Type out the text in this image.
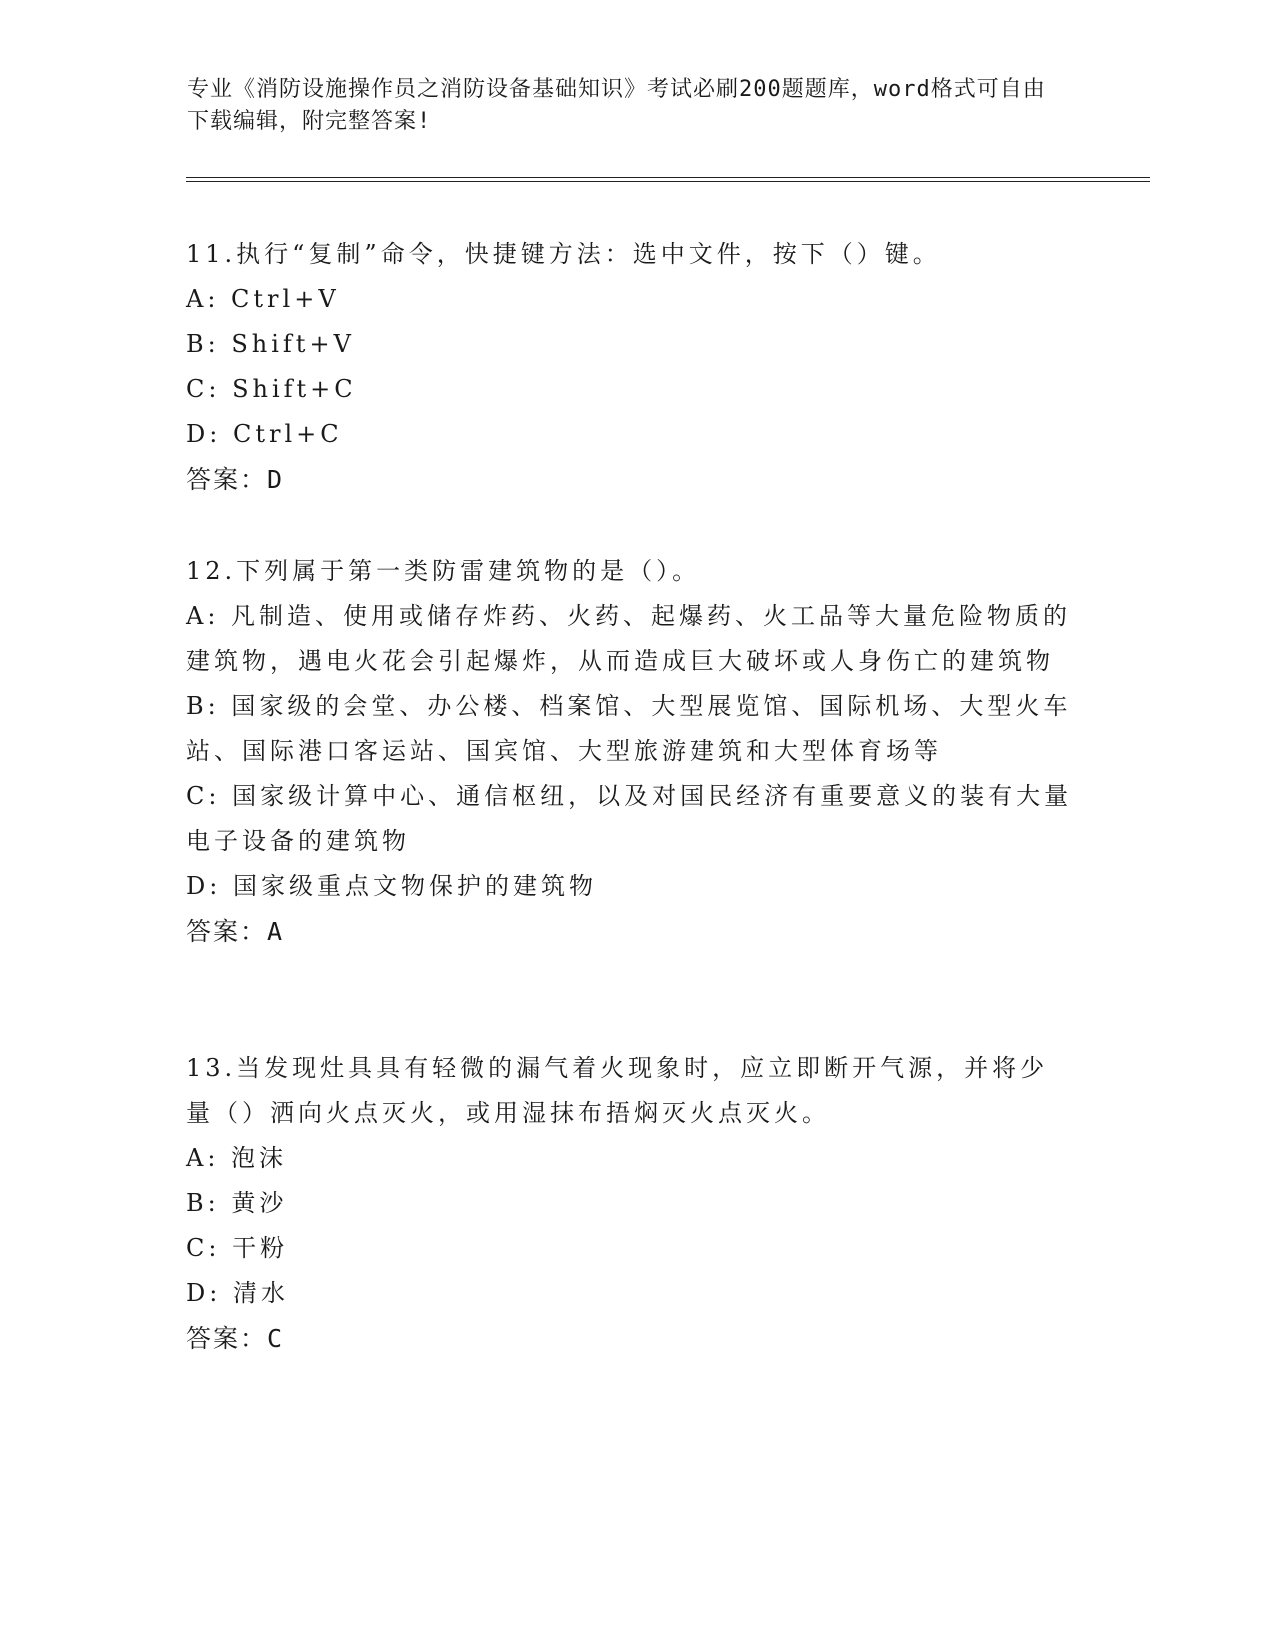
专业《消防设施操作员之消防设备基础知识》考试必刷200题题库，word格式可自由下载编辑，附完整答案!
11.执行“复制”命令，快捷键方法：选中文件，按下（）键。
A: Ctrl+V
B: Shift+V
C: Shift+C
D: Ctrl+C
答案：D
12.下列属于第一类防雷建筑物的是（）。
A: 凡制造、使用或储存炸药、火药、起爆药、火工品等大量危险物质的建筑物，遇电火花会引起爆炸，从而造成巨大破坏或人身伤亡的建筑物
B: 国家级的会堂、办公楼、档案馆、大型展览馆、国际机场、大型火车站、国际港口客运站、国宾馆、大型旅游建筑和大型体育场等
C: 国家级计算中心、通信枢纽，以及对国民经济有重要意义的装有大量电子设备的建筑物
D: 国家级重点文物保护的建筑物
答案：A
13.当发现灶具具有轻微的漏气着火现象时，应立即断开气源，并将少量（）洒向火点灭火，或用湿抹布捂焖灭火点灭火。
A: 泡沫
B: 黄沙
C: 干粉
D: 清水
答案：C
